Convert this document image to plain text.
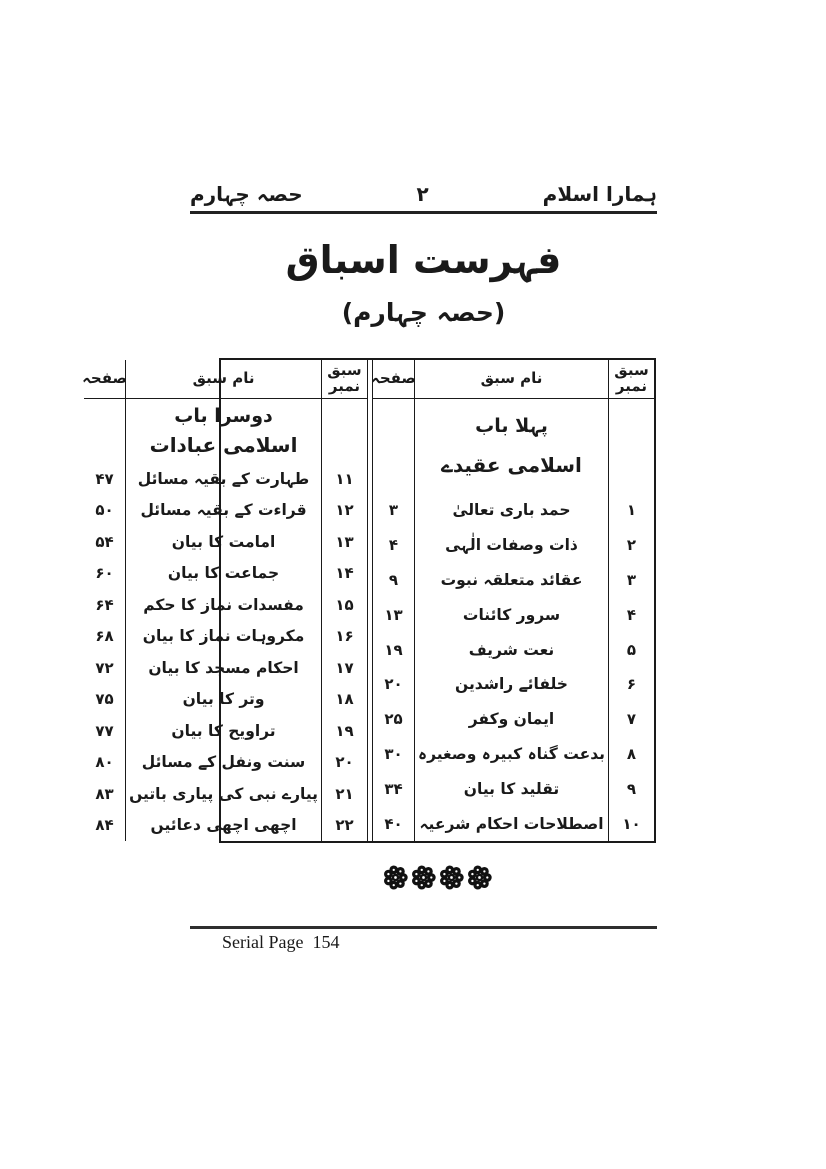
ہمارا اسلام
۲
حصہ چہارم
فہرست اسباق
(حصہ چہارم)
سبق نمبر
۱
۲
۳
۴
۵
۶
۷
۸
۹
۱۰
نام سبق
پہلا باب
اسلامی عقیدے
حمد باری تعالیٰ
ذات وصفات الٰہی
عقائد متعلقہ نبوت
سرور کائنات
نعت شریف
خلفائے راشدین
ایمان وکفر
بدعت گناہ کبیرہ وصغیرہ
تقلید کا بیان
اصطلاحات احکام شرعیہ
صفحہ
۳
۴
۹
۱۳
۱۹
۲۰
۲۵
۳۰
۳۴
۴۰
سبق نمبر
۱۱
۱۲
۱۳
۱۴
۱۵
۱۶
۱۷
۱۸
۱۹
۲۰
۲۱
۲۲
نام سبق
دوسرا باب
اسلامی عبادات
طہارت کے بقیہ مسائل
قراءت کے بقیہ مسائل
امامت کا بیان
جماعت کا بیان
مفسدات نماز کا حکم
مکروہات نماز کا بیان
احکام مسجد کا بیان
وتر کا بیان
تراویح کا بیان
سنت ونفل کے مسائل
پیارے نبی کی پیاری باتیں
اچھی اچھی دعائیں
صفحہ
۴۷
۵۰
۵۴
۶۰
۶۴
۶۸
۷۲
۷۵
۷۷
۸۰
۸۳
۸۴
Serial Page  154
